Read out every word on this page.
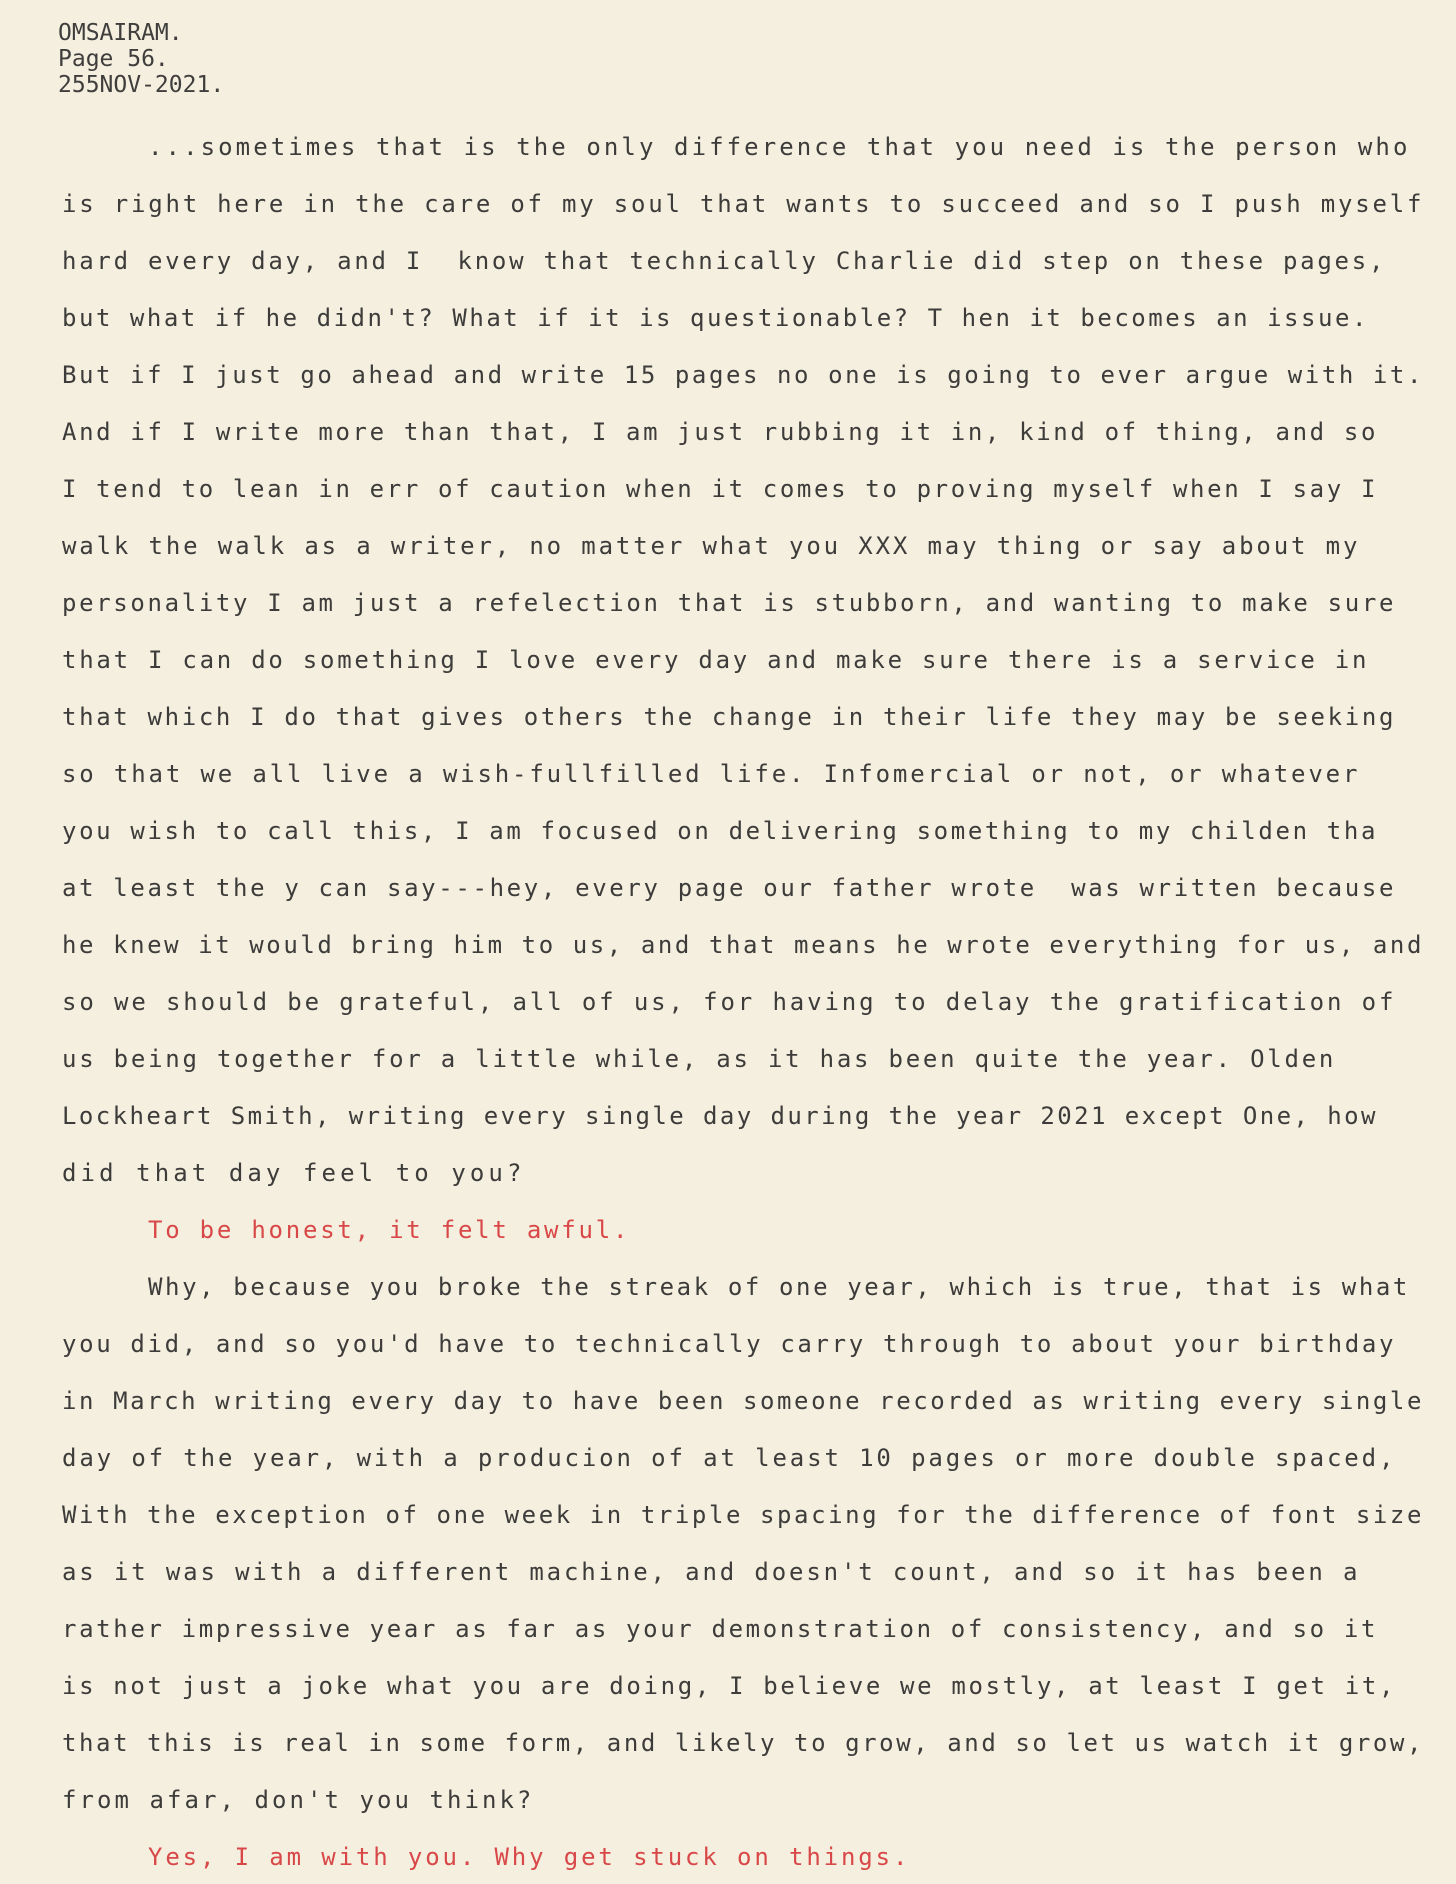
OMSAIRAM.
Page 56.
255NOV-2021.
...sometimes that is the only difference that you need is the person who
is right here in the care of my soul that wants to succeed and so I push myself
hard every day, and I  know that technically Charlie did step on these pages,
but what if he didn't? What if it is questionable? T hen it becomes an issue.
But if I just go ahead and write 15 pages no one is going to ever argue with it.
And if I write more than that, I am just rubbing it in, kind of thing, and so
I tend to lean in err of caution when it comes to proving myself when I say I
walk the walk as a writer, no matter what you XXX may thing or say about my
personality I am just a refelection that is stubborn, and wanting to make sure
that I can do something I love every day and make sure there is a service in
that which I do that gives others the change in their life they may be seeking
so that we all live a wish-fullfilled life. Infomercial or not, or whatever
you wish to call this, I am focused on delivering something to my childen tha
at least the y can say---hey, every page our father wrote  was written because
he knew it would bring him to us, and that means he wrote everything for us, and
so we should be grateful, all of us, for having to delay the gratification of
us being together for a little while, as it has been quite the year. Olden
Lockheart Smith, writing every single day during the year 2021 except One, how
did that day feel to you?
To be honest, it felt awful.
Why, because you broke the streak of one year, which is true, that is what
you did, and so you'd have to technically carry through to about your birthday
in March writing every day to have been someone recorded as writing every single
day of the year, with a producion of at least 10 pages or more double spaced,
With the exception of one week in triple spacing for the difference of font size
as it was with a different machine, and doesn't count, and so it has been a
rather impressive year as far as your demonstration of consistency, and so it
is not just a joke what you are doing, I believe we mostly, at least I get it,
that this is real in some form, and likely to grow, and so let us watch it grow,
from afar, don't you think?
Yes, I am with you. Why get stuck on things.
